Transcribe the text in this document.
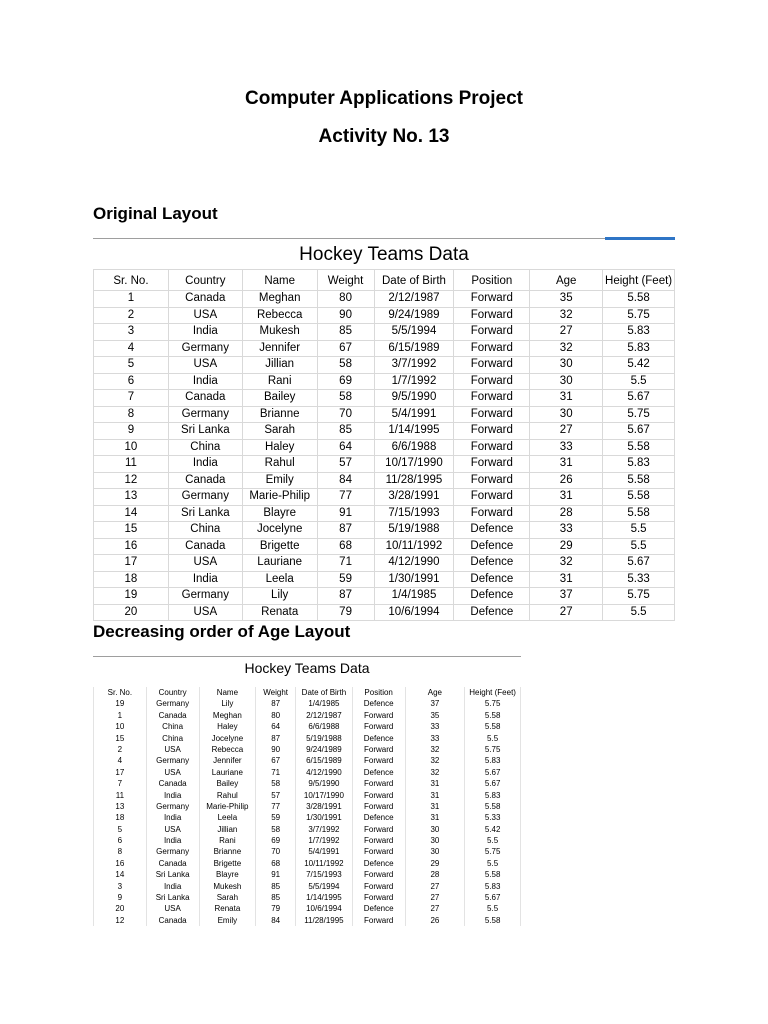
Computer Applications Project
Activity No. 13
Original Layout
Hockey Teams Data
Sr. No.	Country	Name	Weight	Date of Birth	Position	Age	Height (Feet)
1	Canada	Meghan	80	2/12/1987	Forward	35	5.58
2	USA	Rebecca	90	9/24/1989	Forward	32	5.75
3	India	Mukesh	85	5/5/1994	Forward	27	5.83
4	Germany	Jennifer	67	6/15/1989	Forward	32	5.83
5	USA	Jillian	58	3/7/1992	Forward	30	5.42
6	India	Rani	69	1/7/1992	Forward	30	5.5
7	Canada	Bailey	58	9/5/1990	Forward	31	5.67
8	Germany	Brianne	70	5/4/1991	Forward	30	5.75
9	Sri Lanka	Sarah	85	1/14/1995	Forward	27	5.67
10	China	Haley	64	6/6/1988	Forward	33	5.58
11	India	Rahul	57	10/17/1990	Forward	31	5.83
12	Canada	Emily	84	11/28/1995	Forward	26	5.58
13	Germany	Marie-Philip	77	3/28/1991	Forward	31	5.58
14	Sri Lanka	Blayre	91	7/15/1993	Forward	28	5.58
15	China	Jocelyne	87	5/19/1988	Defence	33	5.5
16	Canada	Brigette	68	10/11/1992	Defence	29	5.5
17	USA	Lauriane	71	4/12/1990	Defence	32	5.67
18	India	Leela	59	1/30/1991	Defence	31	5.33
19	Germany	Lily	87	1/4/1985	Defence	37	5.75
20	USA	Renata	79	10/6/1994	Defence	27	5.5
Decreasing order of Age Layout
Hockey Teams Data
Sr. No.	Country	Name	Weight	Date of Birth	Position	Age	Height (Feet)
19	Germany	Lily	87	1/4/1985	Defence	37	5.75
1	Canada	Meghan	80	2/12/1987	Forward	35	5.58
10	China	Haley	64	6/6/1988	Forward	33	5.58
15	China	Jocelyne	87	5/19/1988	Defence	33	5.5
2	USA	Rebecca	90	9/24/1989	Forward	32	5.75
4	Germany	Jennifer	67	6/15/1989	Forward	32	5.83
17	USA	Lauriane	71	4/12/1990	Defence	32	5.67
7	Canada	Bailey	58	9/5/1990	Forward	31	5.67
11	India	Rahul	57	10/17/1990	Forward	31	5.83
13	Germany	Marie-Philip	77	3/28/1991	Forward	31	5.58
18	India	Leela	59	1/30/1991	Defence	31	5.33
5	USA	Jillian	58	3/7/1992	Forward	30	5.42
6	India	Rani	69	1/7/1992	Forward	30	5.5
8	Germany	Brianne	70	5/4/1991	Forward	30	5.75
16	Canada	Brigette	68	10/11/1992	Defence	29	5.5
14	Sri Lanka	Blayre	91	7/15/1993	Forward	28	5.58
3	India	Mukesh	85	5/5/1994	Forward	27	5.83
9	Sri Lanka	Sarah	85	1/14/1995	Forward	27	5.67
20	USA	Renata	79	10/6/1994	Defence	27	5.5
12	Canada	Emily	84	11/28/1995	Forward	26	5.58
